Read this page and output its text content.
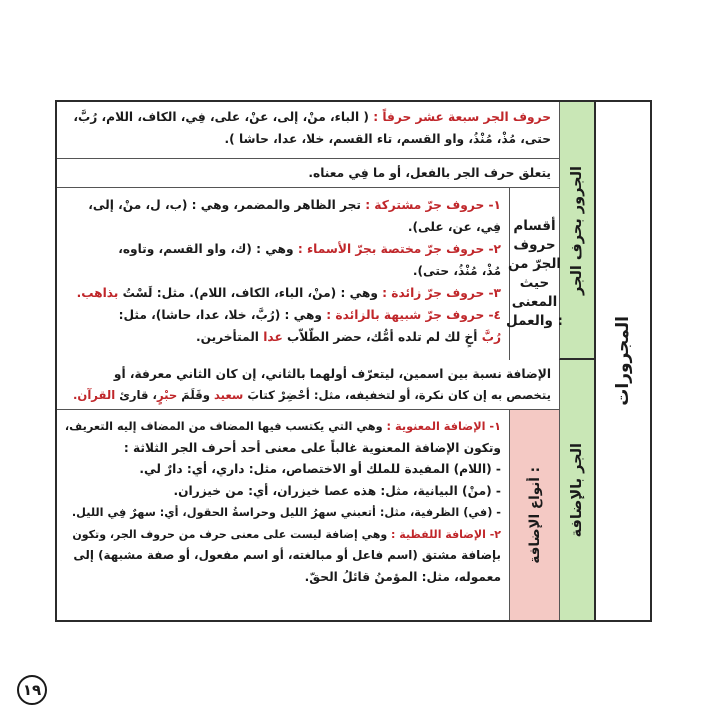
المجرورات
الجرور بحرف الجر
الجر بالإضافة
أنواع الإضافة :
أقسام
حروف
الجرّ من
حيث
المعنى
والعمل :
حروف الجر سبعة عشر حرفاً : ( الباء، منْ، إلى، عنْ، على، فِي، الكاف، اللام، رُبَّ،
حتى، مُذْ، مُنْذُ، واو القسم، تاء القسم، خلا، عدا، حاشا ).
يتعلق حرف الجر بالفعل، أو ما فِي معناه.
١- حروف جرّ مشتركة : تجر الظاهر والمضمر، وهي : (ب، ل، منْ، إلى،
فِي، عن، على).
٢- حروف جرّ مختصة بجرّ الأسماء : وهي : (ك، واو القسم، وتاوه،
مُذْ، مُنْذُ، حتى).
٣- حروف جرّ زائدة : وهي : (منْ، الباء، الكاف، اللام). مثل: لَسْتُ بذاهب.
٤- حروف جرّ شبيهة بالزائدة : وهي : (رُبَّ، خلا، عدا، حاشا)، مثل:
رُبَّ أخٍ لك لم تلده أمُّك، حضر الطّلاّب عدا المتأخرين.
الإضافة نسبة بين اسمين، ليتعرّف أولهما بالثاني، إن كان الثاني معرفة، أو
يتخصص به إن كان نكرة، أو لتخفيفه، مثل: أحْضِرْ كتابَ سعيد وقَلَمَ حبْرٍ، قارئ القرآن.
١- الإضافة المعنوية : وهي التي يكتسب فيها المضاف من المضاف إليه التعريف،
وتكون الإضافة المعنوية غالباً على معنى أحد أحرف الجر الثلاثة :
- (اللام) المفيدة للملك أو الاختصاص، مثل: داري، أي: دارٌ لي.
- (منْ) البيانية، مثل: هذه عصا خيزران، أي: من خيزران.
- (في) الظرفية، مثل: أتعبني سهرُ الليل وحراسةُ الحقول، أي: سهرٌ فِي الليل.
٢- الإضافة اللفظية : وهي إضافة ليست على معنى حرف من حروف الجر، وتكون
بإضافة مشتق (اسم فاعل أو مبالغته، أو اسم مفعول، أو صفة مشبهة) إلى
معموله، مثل: المؤمنُ قائلُ الحقّ.
١٩
